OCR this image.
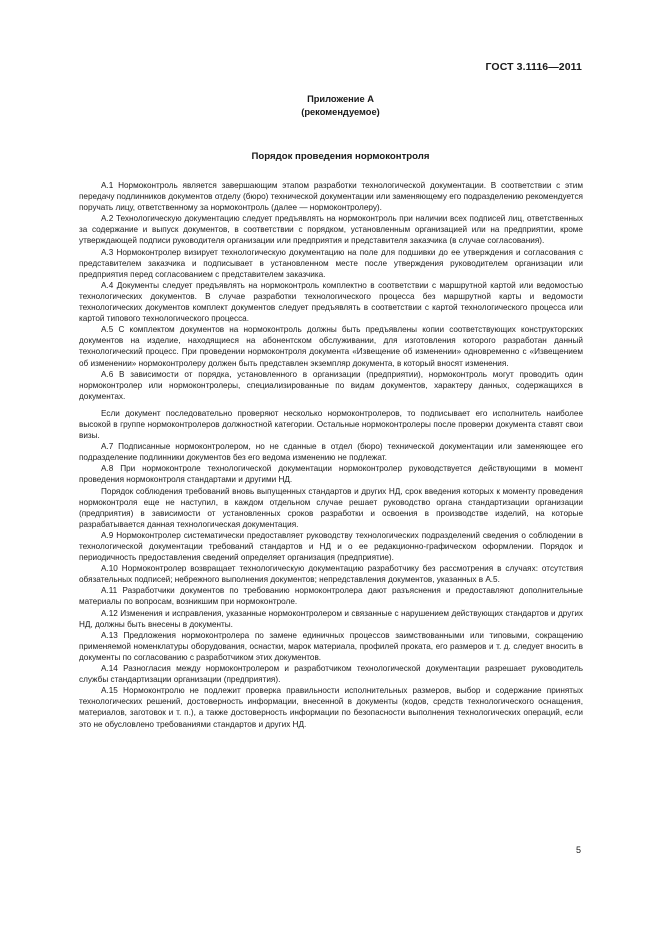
ГОСТ 3.1116—2011
Приложение А
(рекомендуемое)
Порядок проведения нормоконтроля

А.1 Нормоконтроль является завершающим этапом разработки технологической документации. В соответствии с этим передачу подлинников документов отделу (бюро) технической документации или заменяющему его подразделению рекомендуется поручать лицу, ответственному за нормоконтроль (далее — нормоконтролеру).

А.2 Технологическую документацию следует предъявлять на нормоконтроль при наличии всех подписей лиц, ответственных за содержание и выпуск документов, в соответствии с порядком, установленным организацией или на предприятии, кроме утверждающей подписи руководителя организации или предприятия и представителя заказчика (в случае согласования).

А.3 Нормоконтролер визирует технологическую документацию на поле для подшивки до ее утверждения и согласования с представителем заказчика и подписывает в установленном месте после утверждения руководителем организации или предприятия перед согласованием с представителем заказчика.

А.4 Документы следует предъявлять на нормоконтроль комплектно в соответствии с маршрутной картой или ведомостью технологических документов. В случае разработки технологического процесса без маршрутной карты и ведомости технологических документов комплект документов следует предъявлять в соответствии с картой технологического процесса или картой типового технологического процесса.

А.5 С комплектом документов на нормоконтроль должны быть предъявлены копии соответствующих конструкторских документов на изделие, находящиеся на абонентском обслуживании, для изготовления которого разработан данный технологический процесс. При проведении нормоконтроля документа «Извещение об изменении» одновременно с «Извещением об изменении» нормоконтролеру должен быть представлен экземпляр документа, в который вносят изменения.

А.6 В зависимости от порядка, установленного в организации (предприятии), нормоконтроль могут проводить один нормоконтролер или нормоконтролеры, специализированные по видам документов, характеру данных, содержащихся в документах.

Если документ последовательно проверяют несколько нормоконтролеров, то подписывает его исполнитель наиболее высокой в группе нормоконтролеров должностной категории. Остальные нормоконтролеры после проверки документа ставят свои визы.

А.7 Подписанные нормоконтролером, но не сданные в отдел (бюро) технической документации или заменяющее его подразделение подлинники документов без его ведома изменению не подлежат.

А.8 При нормоконтроле технологической документации нормоконтролер руководствуется действующими в момент проведения нормоконтроля стандартами и другими НД.

Порядок соблюдения требований вновь выпущенных стандартов и других НД, срок введения которых к моменту проведения нормоконтроля еще не наступил, в каждом отдельном случае решает руководство органа стандартизации организации (предприятия) в зависимости от установленных сроков разработки и освоения в производстве изделий, на которые разрабатывается данная технологическая документация.

А.9 Нормоконтролер систематически предоставляет руководству технологических подразделений сведения о соблюдении в технологической документации требований стандартов и НД и о ее редакционно-графическом оформлении. Порядок и периодичность предоставления сведений определяет организация (предприятие).

А.10 Нормоконтролер возвращает технологическую документацию разработчику без рассмотрения в случаях: отсутствия обязательных подписей; небрежного выполнения документов; непредставления документов, указанных в А.5.

А.11 Разработчики документов по требованию нормоконтролера дают разъяснения и предоставляют дополнительные материалы по вопросам, возникшим при нормоконтроле.

А.12 Изменения и исправления, указанные нормоконтролером и связанные с нарушением действующих стандартов и других НД, должны быть внесены в документы.

А.13 Предложения нормоконтролера по замене единичных процессов заимствованными или типовыми, сокращению применяемой номенклатуры оборудования, оснастки, марок материала, профилей проката, его размеров и т. д. следует вносить в документы по согласованию с разработчиком этих документов.

А.14 Разногласия между нормоконтролером и разработчиком технологической документации разрешает руководитель службы стандартизации организации (предприятия).

А.15 Нормоконтролю не подлежит проверка правильности исполнительных размеров, выбор и содержание принятых технологических решений, достоверность информации, внесенной в документы (кодов, средств технологического оснащения, материалов, заготовок и т. п.), а также достоверность информации по безопасности выполнения технологических операций, если это не обусловлено требованиями стандартов и других НД.

5
